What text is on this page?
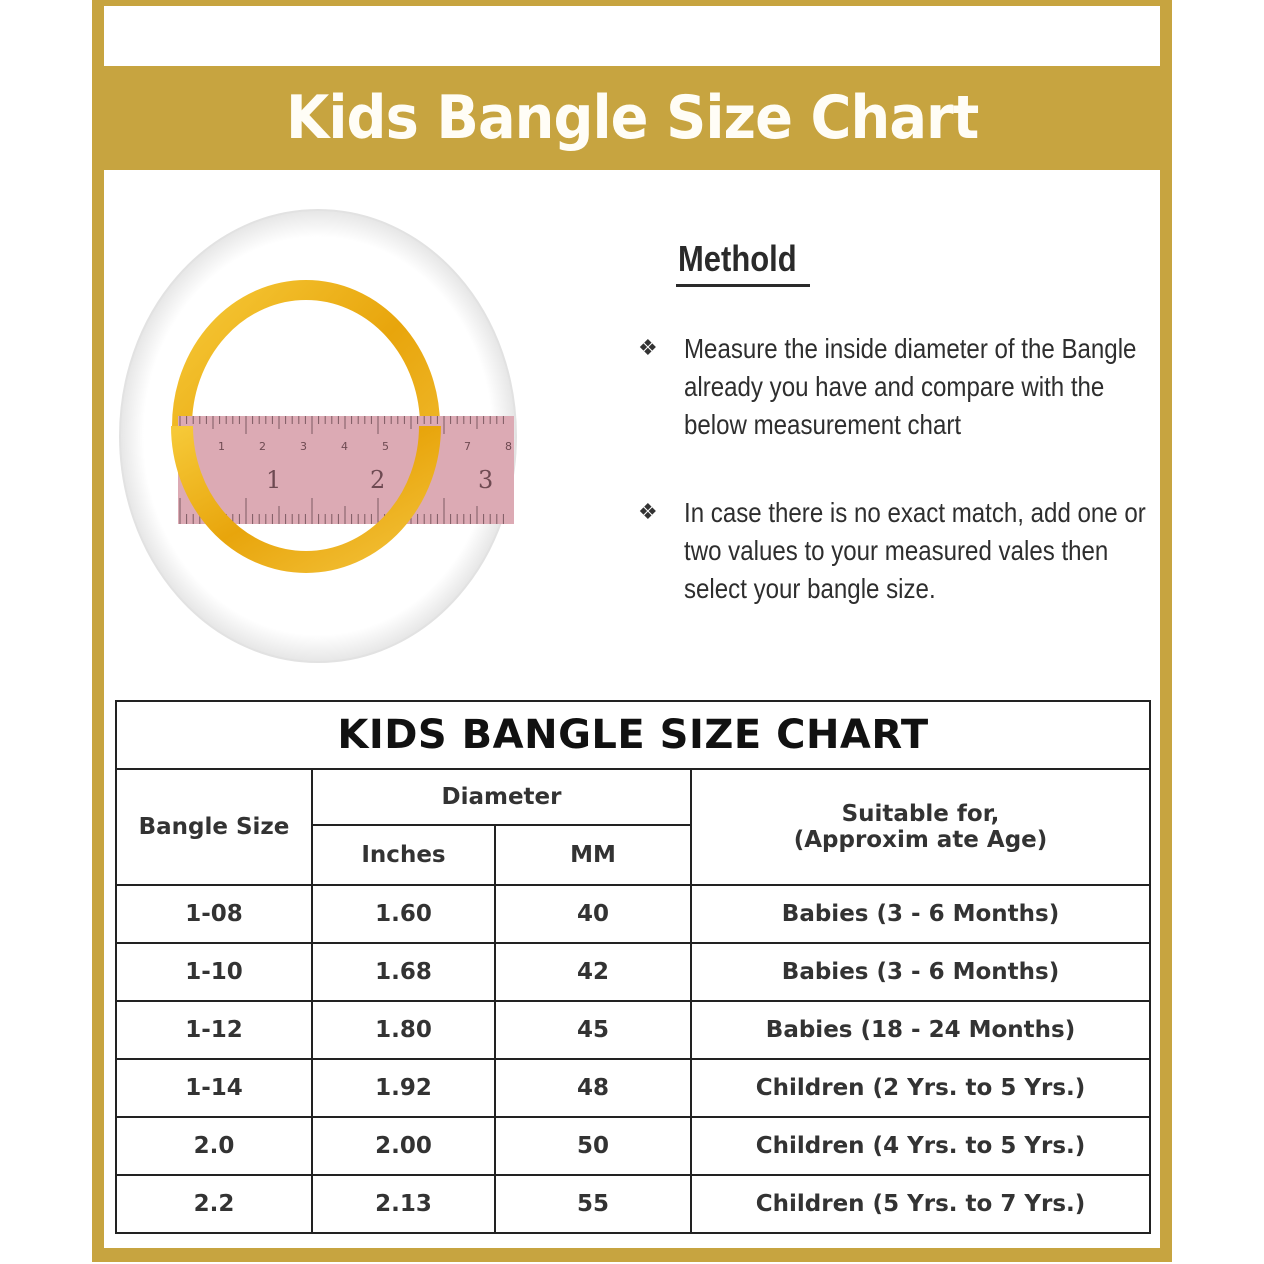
Kids Bangle Size Chart
1	2	3	4	5	6	7	8
1	2	3
Methold
❖ Measure the inside diameter of the Bangle already you have and compare with the below measurement chart
❖ In case there is no exact match, add one or two values to your measured vales then select your bangle size.
KIDS BANGLE SIZE CHART			
Bangle Size	Diameter		Suitable for,
(Approxim ate Age)

	Inches	MM	
1-08	1.60	40	Babies (3 - 6 Months)
1-10	1.68	42	Babies (3 - 6 Months)
1-12	1.80	45	Babies (18 - 24 Months)
1-14	1.92	48	Children (2 Yrs. to 5 Yrs.)
2.0	2.00	50	Children (4 Yrs. to 5 Yrs.)
2.2	2.13	55	Children (5 Yrs. to 7 Yrs.)
